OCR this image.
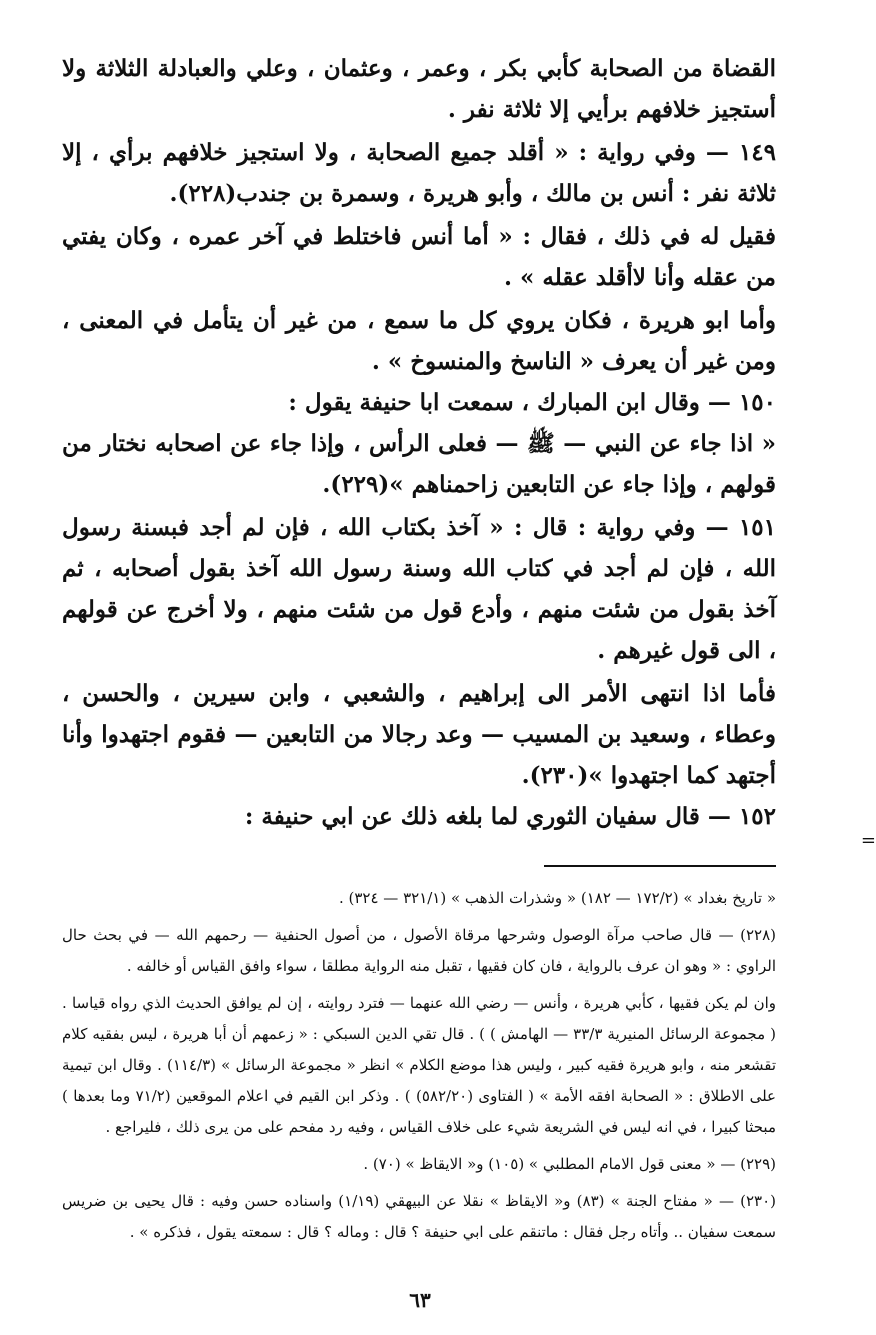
القضاة من الصحابة كأبي بكر ، وعمر ، وعثمان ، وعلي والعبادلة الثلاثة ولا أستجيز خلافهم برأيي إلا ثلاثة نفر .

١٤٩ — وفي رواية : « أقلد جميع الصحابة ، ولا استجيز خلافهم برأي ، إلا ثلاثة نفر : أنس بن مالك ، وأبو هريرة ، وسمرة بن جندب(٢٢٨).

فقيل له في ذلك ، فقال : « أما أنس فاختلط في آخر عمره ، وكان يفتي من عقله وأنا لاأقلد عقله » .

وأما ابو هريرة ، فكان يروي كل ما سمع ، من غير أن يتأمل في المعنى ، ومن غير أن يعرف « الناسخ والمنسوخ » .

١٥٠ — وقال ابن المبارك ، سمعت ابا حنيفة يقول :

« اذا جاء عن النبي — ﷺ — فعلى الرأس ، وإذا جاء عن اصحابه نختار من قولهم ، وإذا جاء عن التابعين زاحمناهم »(٢٢٩).

١٥١ — وفي رواية : قال : « آخذ بكتاب الله ، فإن لم أجد فبسنة رسول الله ، فإن لم أجد في كتاب الله وسنة رسول الله آخذ بقول أصحابه ، ثم آخذ بقول من شئت منهم ، وأدع قول من شئت منهم ، ولا أخرج عن قولهم ، الى قول غيرهم .

فأما اذا انتهى الأمر الى إبراهيم ، والشعبي ، وابن سيرين ، والحسن ، وعطاء ، وسعيد بن المسيب — وعد رجالا من التابعين — فقوم اجتهدوا وأنا أجتهد كما اجتهدوا »(٢٣٠).

١٥٢ — قال سفيان الثوري لما بلغه ذلك عن ابي حنيفة :

« تاريخ بغداد » (١٧٢/٢ — ١٨٢) « وشذرات الذهب » (٣٢١/١ — ٣٢٤) .

(٢٢٨) — قال صاحب مرآة الوصول وشرحها مرقاة الأصول ، من أصول الحنفية — رحمهم الله — في بحث حال الراوي : « وهو ان عرف بالرواية ، فان كان فقيها ، تقبل منه الرواية مطلقا ، سواء وافق القياس أو خالفه .

وان لم يكن فقيها ، كأبي هريرة ، وأنس — رضي الله عنهما — فترد روايته ، إن لم يوافق الحديث الذي رواه قياسا . ( مجموعة الرسائل المنيرية ٣٣/٣ — الهامش ) ) . قال تقي الدين السبكي : « زعمهم أن أبا هريرة ، ليس بفقيه كلام تقشعر منه ، وابو هريرة فقيه كبير ، وليس هذا موضع الكلام » انظر « مجموعة الرسائل » (١١٤/٣) . وقال ابن تيمية على الاطلاق : « الصحابة افقه الأمة » ( الفتاوى (٥٨٢/٢٠) ) . وذكر ابن القيم في اعلام الموقعين (٧١/٢ وما بعدها ) مبحثا كبيرا ، في انه ليس في الشريعة شيء على خلاف القياس ، وفيه رد مفحم على من يرى ذلك ، فليراجع .

(٢٢٩) — « معنى قول الامام المطلبي » (١٠٥) و« الايقاظ » (٧٠) .

(٢٣٠) — « مفتاح الجنة » (٨٣) و« الايقاظ » نقلا عن البيهقي (١/١٩) واسناده حسن وفيه : قال يحيى بن ضريس سمعت سفيان .. وأتاه رجل فقال : ماتنقم على ابي حنيفة ؟ قال : وماله ؟ قال : سمعته يقول ، فذكره » .

=
٦٣
